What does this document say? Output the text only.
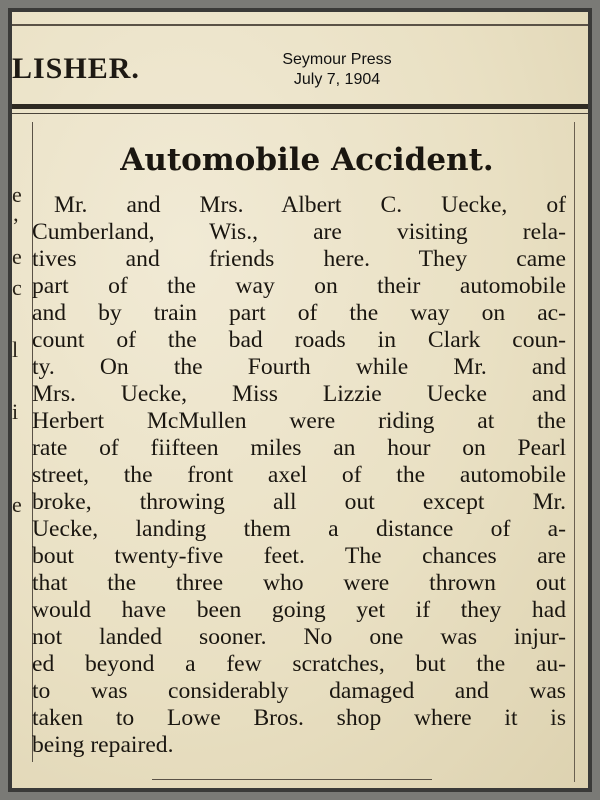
LISHER.	Seymour Press
July 7, 1904
e
’
e
c
l
i
e
Automobile Accident.
Mr. and Mrs. Albert C. Uecke, of
Cumberland, Wis., are visiting rela-
tives and friends here. They came
part of the way on their automobile
and by train part of the way on ac-
count of the bad roads in Clark coun-
ty. On the Fourth while Mr. and
Mrs. Uecke, Miss Lizzie Uecke and
Herbert McMullen were riding at the
rate of fiifteen miles an hour on Pearl
street, the front axel of the automobile
broke, throwing all out except Mr.
Uecke, landing them a distance of a-
bout twenty-five feet. The chances are
that the three who were thrown out
would have been going yet if they had
not landed sooner. No one was injur-
ed beyond a few scratches, but the au-
to was considerably damaged and was
taken to Lowe Bros. shop where it is
being repaired.
